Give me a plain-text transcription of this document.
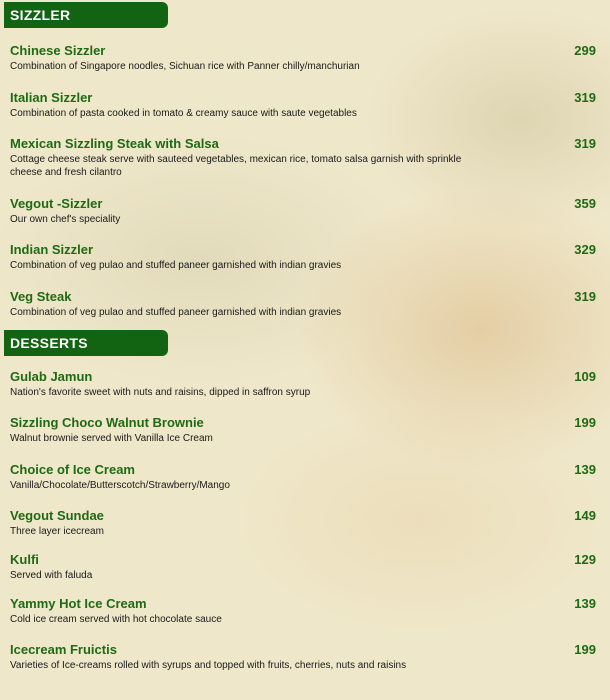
SIZZLER
Chinese Sizzler
Combination of Singapore noodles, Sichuan rice with Panner chilly/manchurian
299
Italian Sizzler
Combination of pasta cooked in tomato & creamy sauce with saute vegetables
319
Mexican Sizzling Steak with Salsa
Cottage cheese steak serve with sauteed vegetables, mexican rice, tomato salsa garnish with sprinkle cheese and fresh cilantro
319
Vegout -Sizzler
Our own chef's speciality
359
Indian Sizzler
Combination of veg pulao and stuffed paneer garnished with indian gravies
329
Veg Steak
Combination of veg pulao and stuffed paneer garnished with indian gravies
319
DESSERTS
Gulab Jamun
Nation's favorite sweet with nuts and raisins, dipped in saffron syrup
109
Sizzling Choco Walnut Brownie
Walnut brownie served with Vanilla Ice Cream
199
Choice of Ice Cream
Vanilla/Chocolate/Butterscotch/Strawberry/Mango
139
Vegout Sundae
Three layer icecream
149
Kulfi
Served with faluda
129
Yammy Hot Ice Cream
Cold ice cream served with hot chocolate sauce
139
Icecream Fruictis
Varieties of Ice-creams rolled with syrups and topped with fruits, cherries, nuts and raisins
199
